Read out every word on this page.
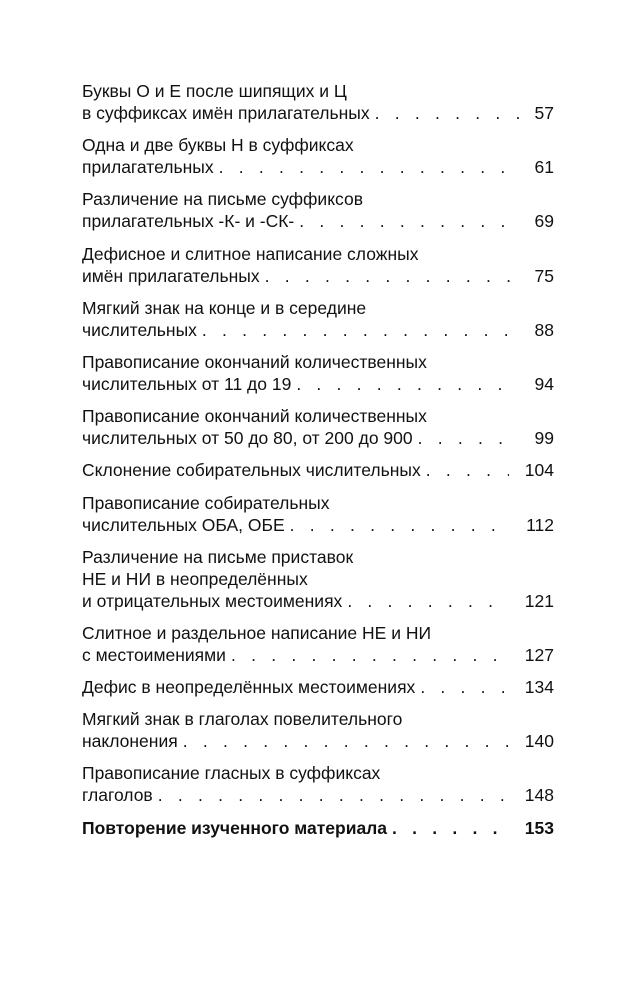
Буквы О и Е после шипящих и Ц
в суффиксах имён прилагательных . . .	57
Одна и две буквы Н в суффиксах
прилагательных . . .	61
Различение на письме суффиксов
прилагательных -К- и -СК- . . .	69
Дефисное и слитное написание сложных
имён прилагательных . . .	75
Мягкий знак на конце и в середине
числительных . . .	88
Правописание окончаний количественных
числительных от 11 до 19 . . .	94
Правописание окончаний количественных
числительных от 50 до 80, от 200 до 900 . . .	99
Склонение собирательных числительных . . .	104
Правописание собирательных
числительных ОБА, ОБЕ . . .	112
Различение на письме приставок
НЕ и НИ в неопределённых
и отрицательных местоимениях . . .	121
Слитное и раздельное написание НЕ и НИ
с местоимениями . . .	127
Дефис в неопределённых местоимениях . . .	134
Мягкий знак в глаголах повелительного
наклонения . . .	140
Правописание гласных в суффиксах
глаголов . . .	148
Повторение изученного материала . . .	153
